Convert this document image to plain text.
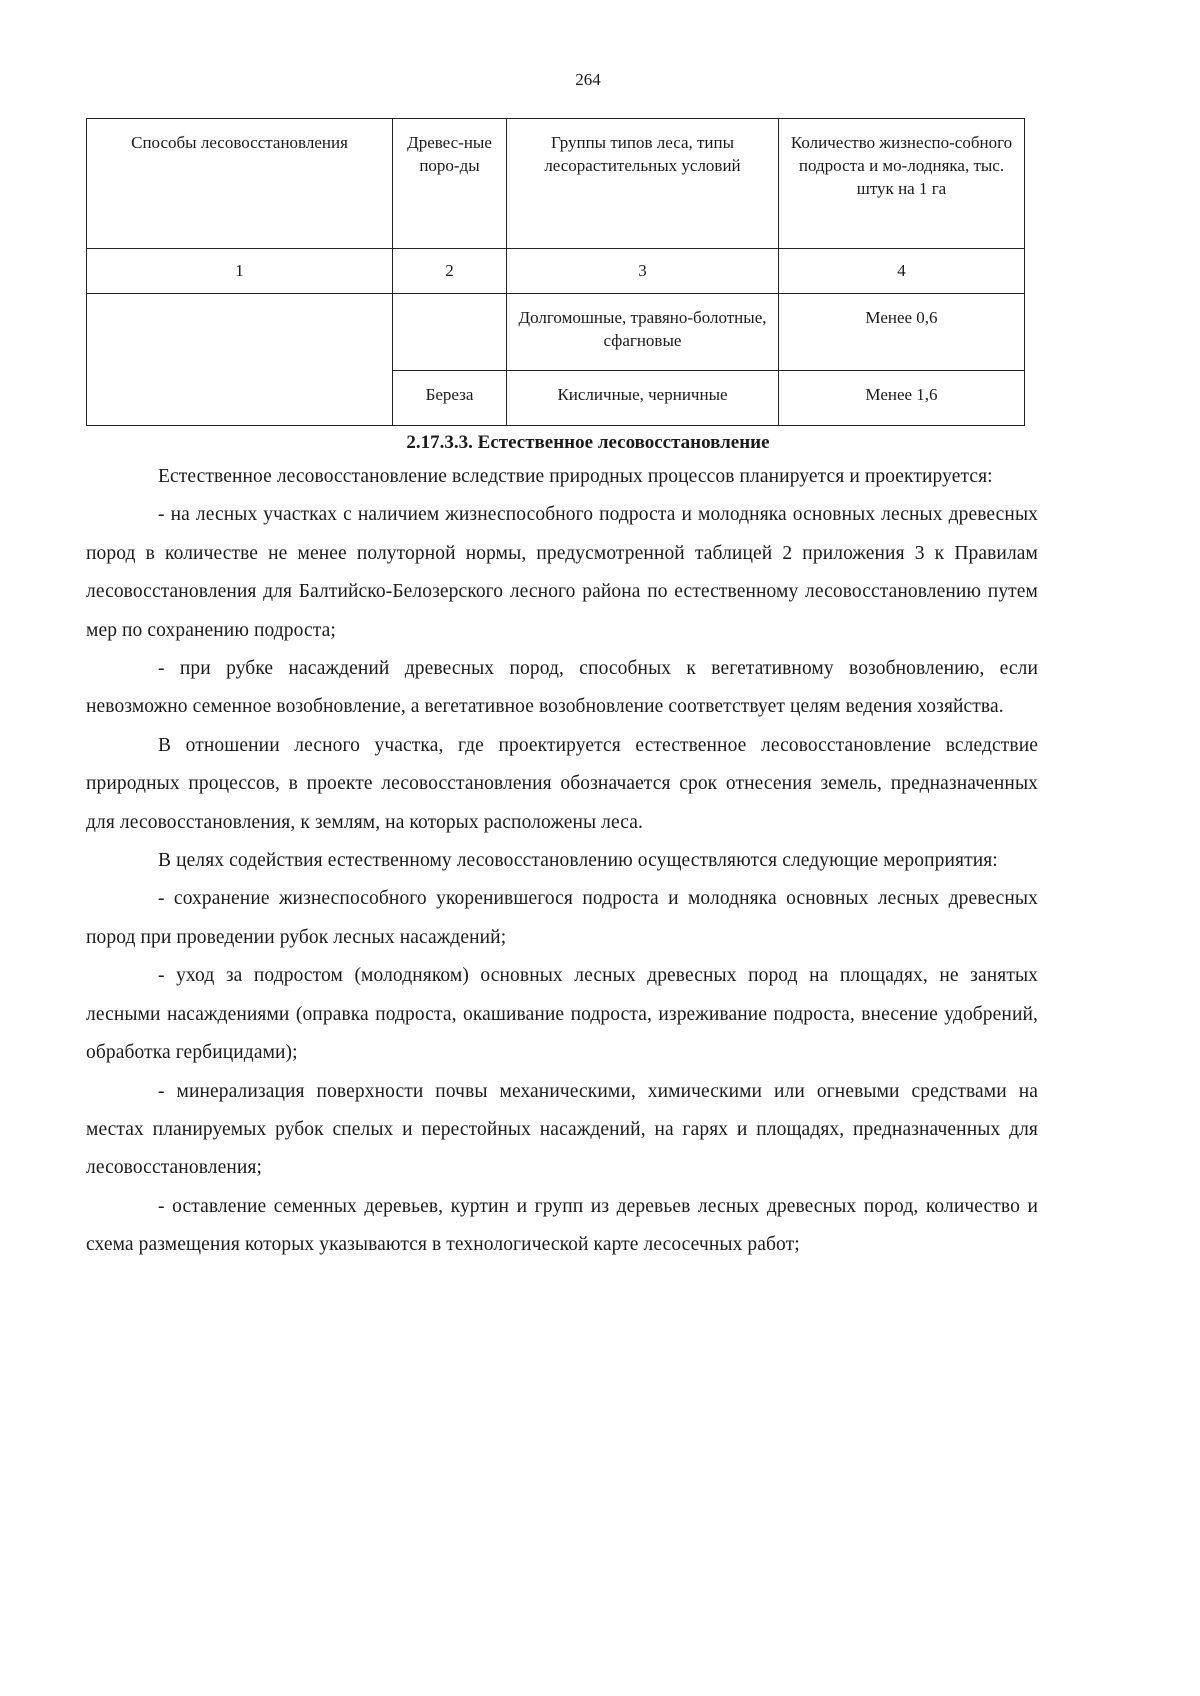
264
Способы лесовосстановления	Древес-ные поро-ды	Группы типов леса, типы лесорастительных условий	Количество жизнеспо-собного подроста и мо-лодняка, тыс. штук на 1 га
1	2	3	4
		Долгомошные, травяно-болотные, сфагновые	Менее 0,6
	Береза	Кисличные, черничные	Менее 1,6
2.17.3.3. Естественное лесовосстановление

Естественное лесовосстановление вследствие природных процессов планируется и проектируется:

- на лесных участках с наличием жизнеспособного подроста и молодняка основных лесных древесных пород в количестве не менее полуторной нормы, предусмотренной таблицей 2 приложения 3 к Правилам лесовосстановления для Балтийско-Белозерского лесного района по естественному лесовосстановлению путем мер по сохранению подроста;

- при рубке насаждений древесных пород, способных к вегетативному возобновлению, если невозможно семенное возобновление, а вегетативное возобновление соответствует целям ведения хозяйства.

В отношении лесного участка, где проектируется естественное лесовосстановление вследствие природных процессов, в проекте лесовосстановления обозначается срок отнесения земель, предназначенных для лесовосстановления, к землям, на которых расположены леса.

В целях содействия естественному лесовосстановлению осуществляются следующие мероприятия:

- сохранение жизнеспособного укоренившегося подроста и молодняка основных лесных древесных пород при проведении рубок лесных насаждений;

- уход за подростом (молодняком) основных лесных древесных пород на площадях, не занятых лесными насаждениями (оправка подроста, окашивание подроста, изреживание подроста, внесение удобрений, обработка гербицидами);

- минерализация поверхности почвы механическими, химическими или огневыми средствами на местах планируемых рубок спелых и перестойных насаждений, на гарях и площадях, предназначенных для лесовосстановления;

- оставление семенных деревьев, куртин и групп из деревьев лесных древесных пород, количество и схема размещения которых указываются в технологической карте лесосечных работ;
